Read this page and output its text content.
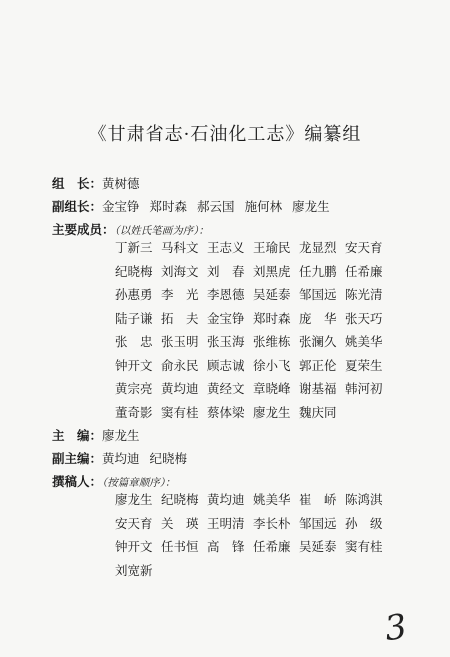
《甘肃省志·石油化工志》编纂组
组　长：黄树德
副组长：金宝铮 郑时森 郝云国 施何林 廖龙生
主要成员：（以姓氏笔画为序）：
丁新三 马科文 王志义 王瑜民 龙显烈 安天育
纪晓梅 刘海文 刘　春 刘黑虎 任九鹏 任希廉
孙惠勇 李　光 李恩德 吴延泰 邹国远 陈光清
陆子谦 拓　夫 金宝铮 郑时森 庞　华 张天巧
张　忠 张玉明 张玉海 张维栋 张澜久 姚美华
钟开文 俞永民 顾志诚 徐小飞 郭正伦 夏荣生
黄宗亮 黄均迪 黄经文 章晓峰 谢基福 韩河初
董奇影 窦有桂 蔡体梁 廖龙生 魏庆同
主　编：廖龙生
副主编：黄均迪 纪晓梅
撰稿人：（按篇章顺序）：
廖龙生 纪晓梅 黄均迪 姚美华 崔　峤 陈鸿淇
安天育 关　瑛 王明清 李长朴 邹国远 孙　级
钟开文 任书恒 高　锋 任希廉 吴延泰 窦有桂
刘宽新
3
